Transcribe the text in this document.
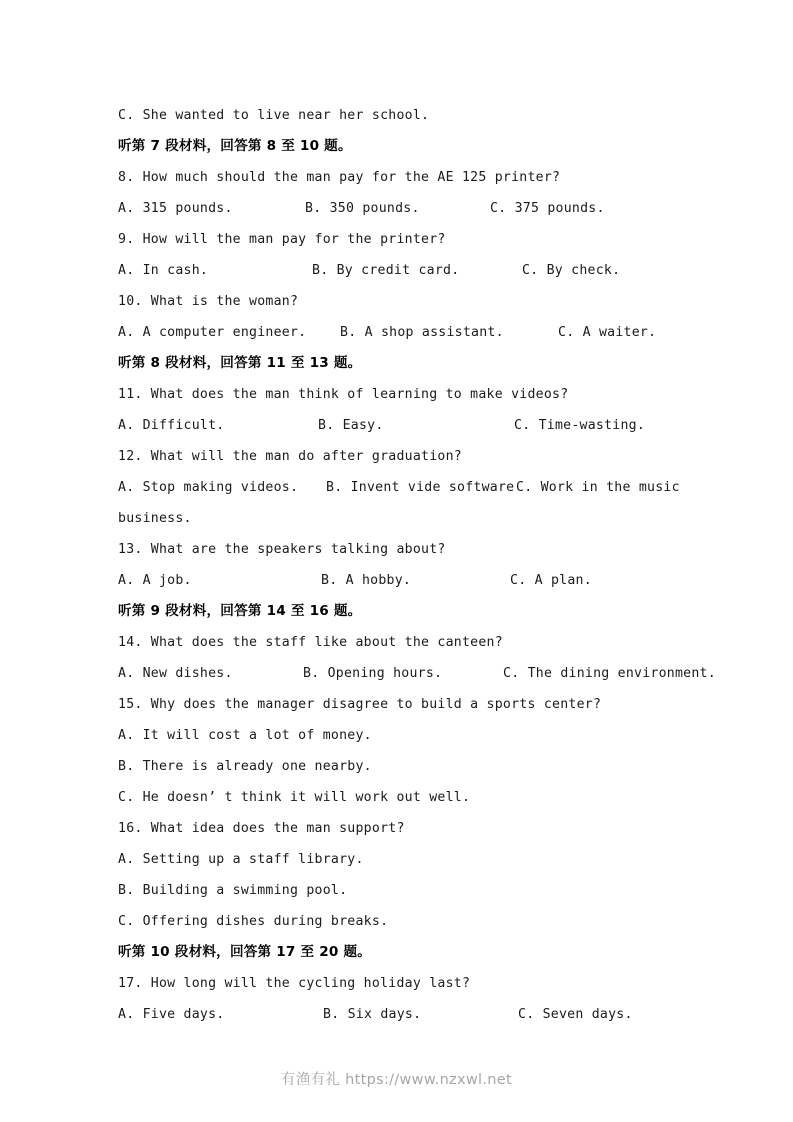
C. She wanted to live near her school.
听第 7 段材料，回答第 8 至 10 题。
8. How much should the man pay for the AE 125 printer?
A. 315 pounds.	B. 350 pounds.	C. 375 pounds.
9. How will the man pay for the printer?
A. In cash.	B. By credit card.	C. By check.
10. What is the woman?
A. A computer engineer.	B. A shop assistant.	C. A waiter.
听第 8 段材料，回答第 11 至 13 题。
11. What does the man think of learning to make videos?
A. Difficult.	B. Easy.	C. Time-wasting.
12. What will the man do after graduation?
A. Stop making videos. B. Invent vide software C. Work in the music
business.
13. What are the speakers talking about?
A. A job.	B. A hobby.	C. A plan.
听第 9 段材料，回答第 14 至 16 题。
14. What does the staff like about the canteen?
A. New dishes.	B. Opening hours.	C. The dining environment.
15. Why does the manager disagree to build a sports center?
A. It will cost a lot of money.
B. There is already one nearby.
C. He doesn’ t think it will work out well.
16. What idea does the man support?
A. Setting up a staff library.
B. Building a swimming pool.
C. Offering dishes during breaks.
听第 10 段材料，回答第 17 至 20 题。
17. How long will the cycling holiday last?
A. Five days.	B. Six days.	C. Seven days.
有渔有礼 https://www.nzxwl.net
